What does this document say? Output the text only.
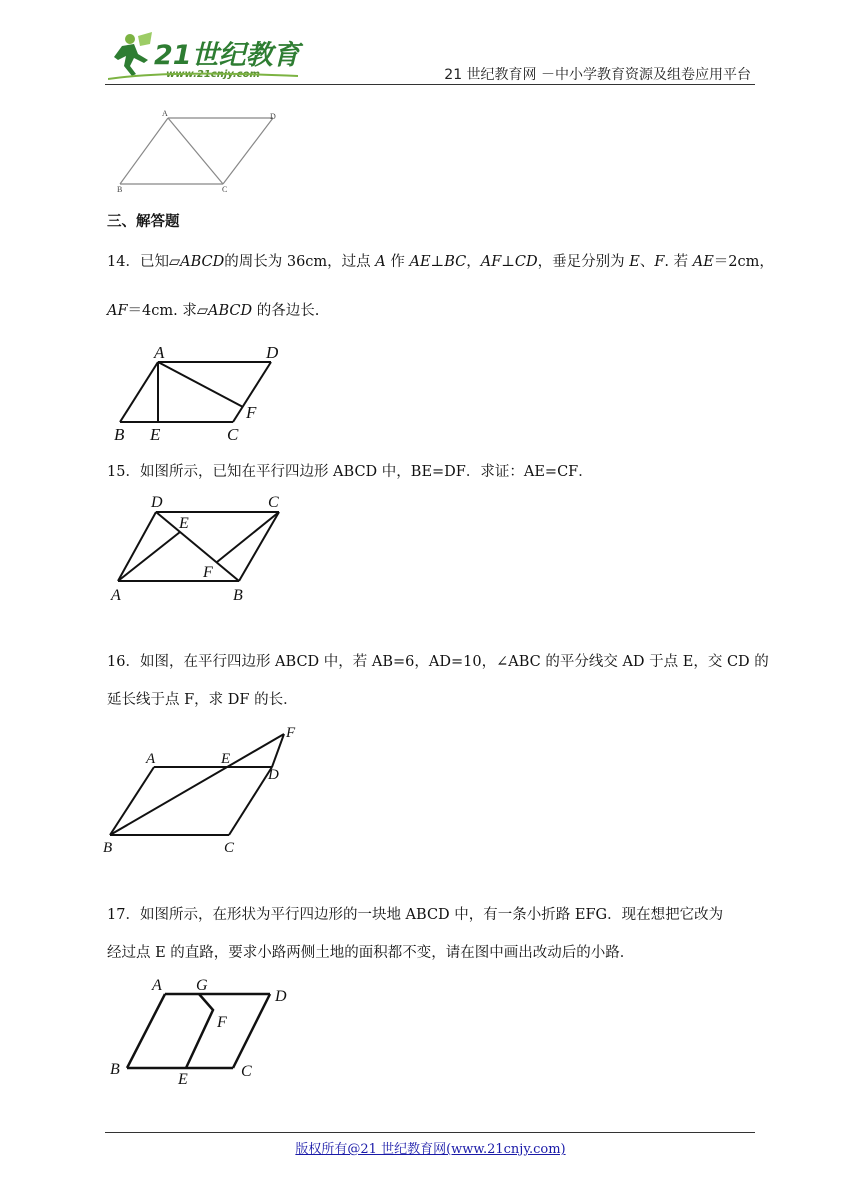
21世纪教育
www.21cnjy.com	21 世纪教育网 －中小学教育资源及组卷应用平台
A	D
B	C
三、解答题
14．已知▱ABCD的周长为 36cm，过点 A 作 AE⊥BC，AF⊥CD，垂足分别为 E、F. 若 AE＝2cm，
AF＝4cm. 求▱ABCD 的各边长.
A	D
F
B E	C
15．如图所示，已知在平行四边形 ABCD 中，BE=DF．求证：AE=CF．
D	C
E
F
A	B
16．如图，在平行四边形 ABCD 中，若 AB=6，AD=10，∠ABC 的平分线交 AD 于点 E，交 CD 的
延长线于点 F，求 DF 的长．
F
A	E
D
B	C
17．如图所示，在形状为平行四边形的一块地 ABCD 中，有一条小折路 EFG．现在想把它改为
经过点 E 的直路，要求小路两侧土地的面积都不变，请在图中画出改动后的小路．
A G
D
F
B
E	C
版权所有@21 世纪教育网(www.21cnjy.com)
